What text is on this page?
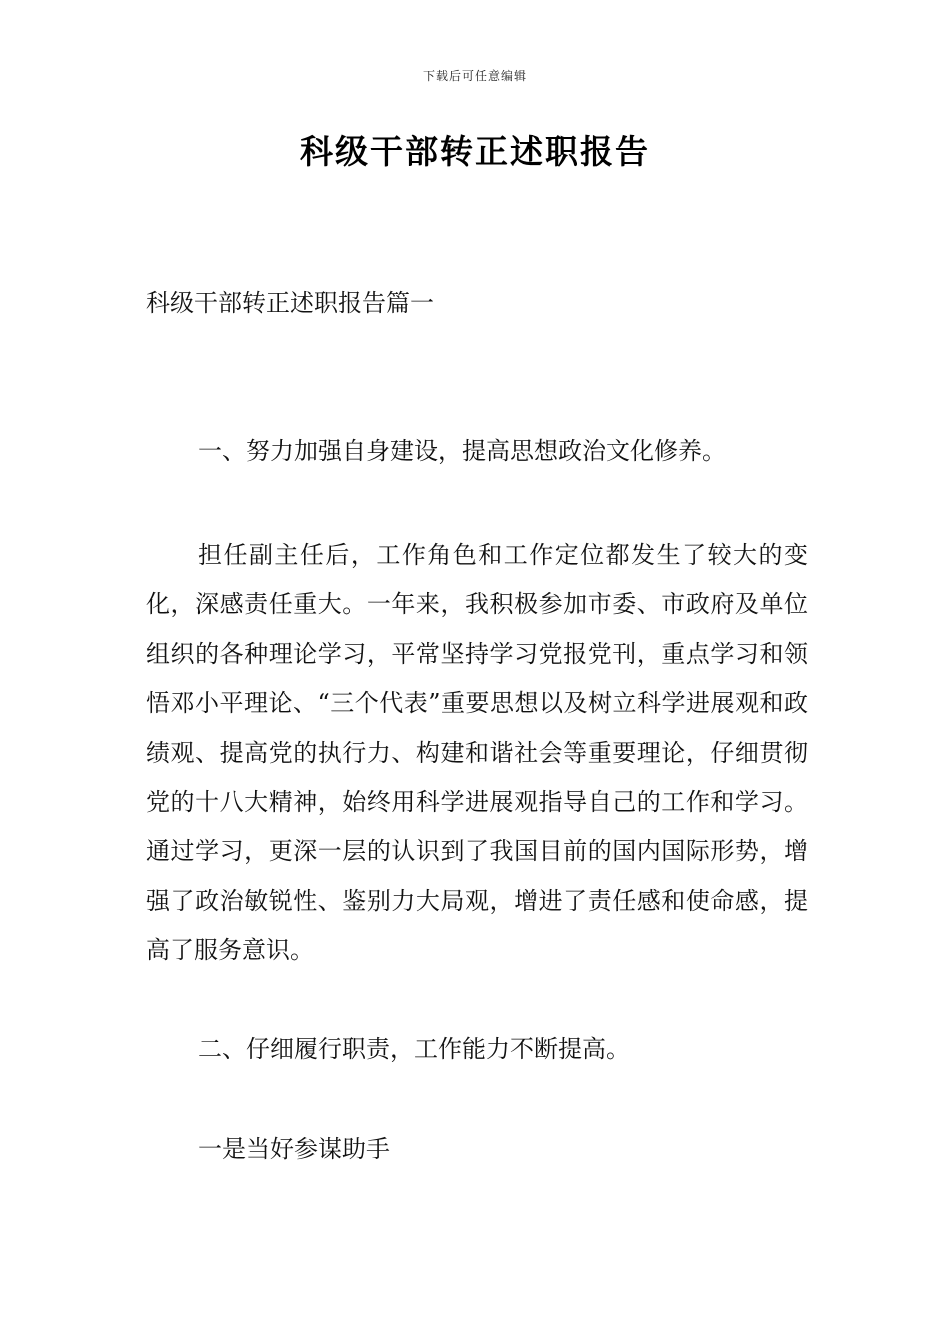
下载后可任意编辑
科级干部转正述职报告

科级干部转正述职报告篇一

一、努力加强自身建设，提高思想政治文化修养。

担任副主任后，工作角色和工作定位都发生了较大的变化，深感责任重大。一年来，我积极参加市委、市政府及单位组织的各种理论学习，平常坚持学习党报党刊，重点学习和领悟邓小平理论、“三个代表”重要思想以及树立科学进展观和政绩观、提高党的执行力、构建和谐社会等重要理论，仔细贯彻党的十八大精神，始终用科学进展观指导自己的工作和学习。通过学习，更深一层的认识到了我国目前的国内国际形势，增强了政治敏锐性、鉴别力大局观，增进了责任感和使命感，提高了服务意识。

二、仔细履行职责，工作能力不断提高。

一是当好参谋助手
